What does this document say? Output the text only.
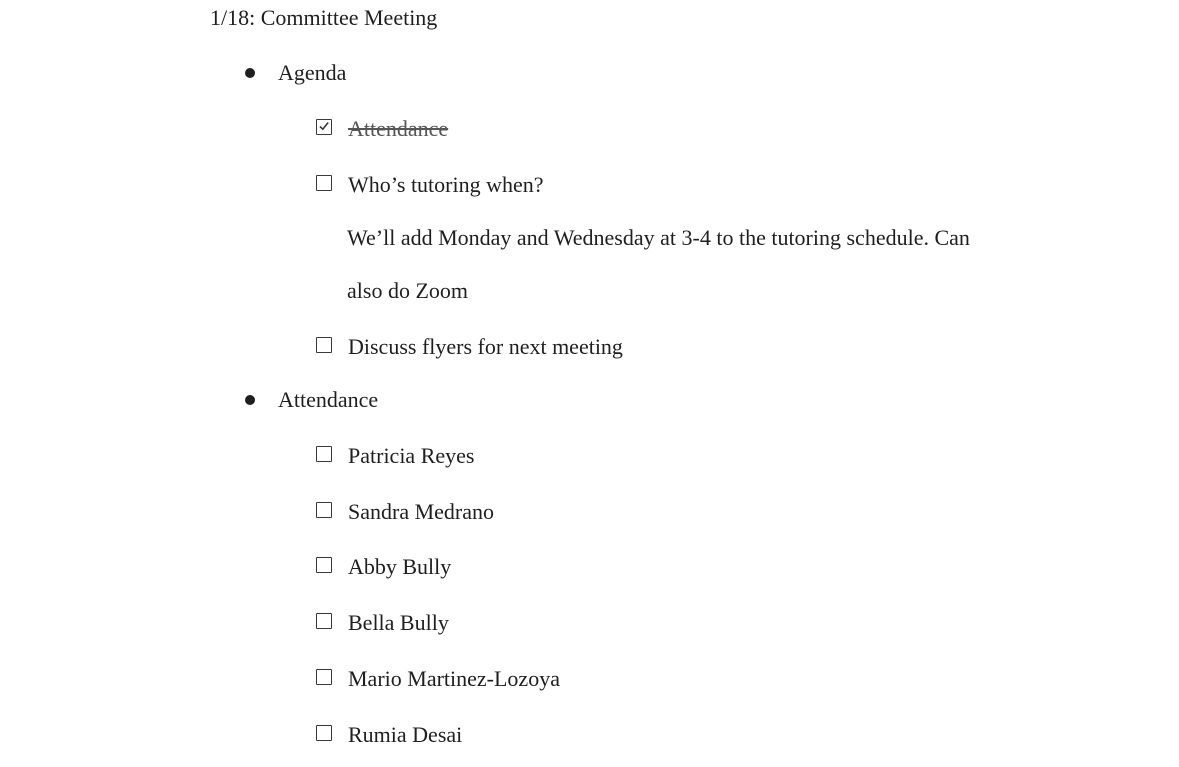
1/18: Committee Meeting
Agenda
Attendance
Who’s tutoring when?
We’ll add Monday and Wednesday at 3-4 to the tutoring schedule. Can
also do Zoom
Discuss flyers for next meeting
Attendance
Patricia Reyes
Sandra Medrano
Abby Bully
Bella Bully
Mario Martinez-Lozoya
Rumia Desai
